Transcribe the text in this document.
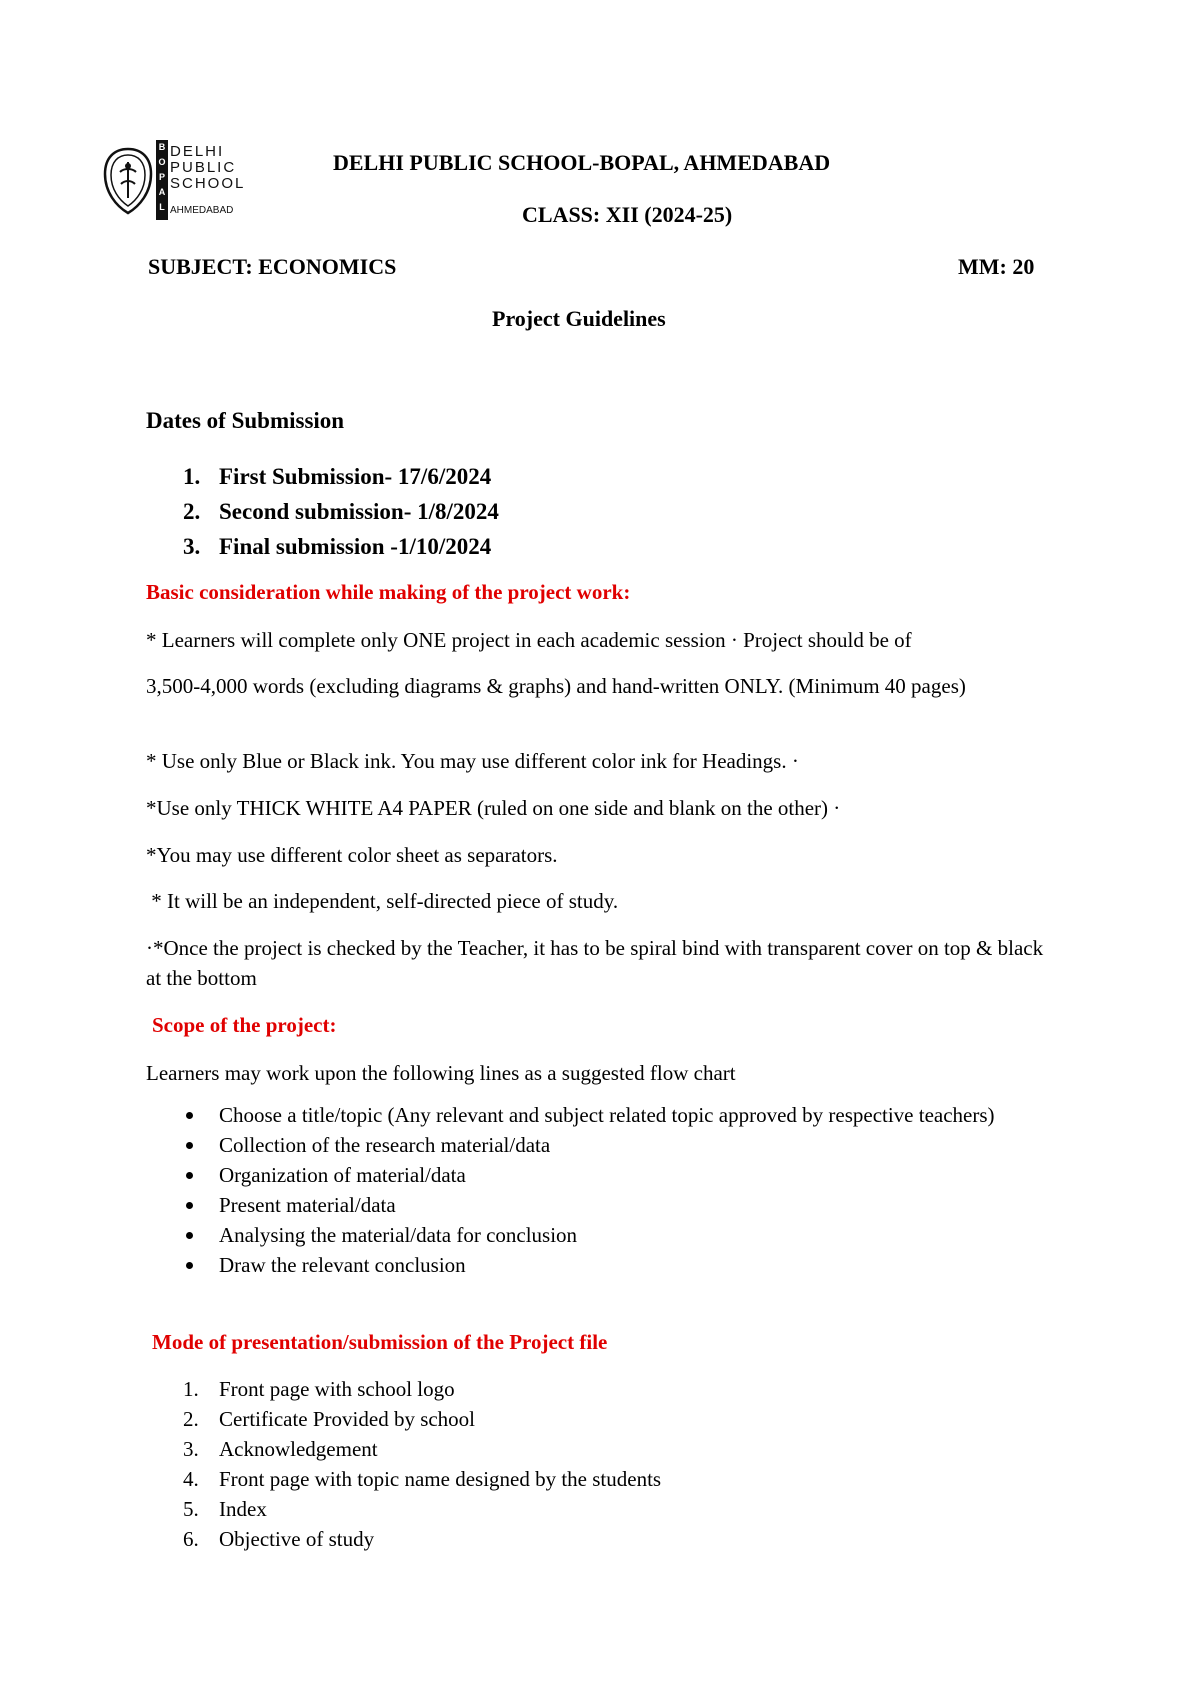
B
O
P
A
L
DELHI
PUBLIC
SCHOOL
AHMEDABAD
DELHI PUBLIC SCHOOL-BOPAL, AHMEDABAD
CLASS: XII (2024-25)
SUBJECT: ECONOMICS	MM: 20
Project Guidelines
Dates of Submission
1. First Submission- 17/6/2024
2. Second submission- 1/8/2024
3. Final submission -1/10/2024
Basic consideration while making of the project work:
* Learners will complete only ONE project in each academic session · Project should be of
3,500-4,000 words (excluding diagrams & graphs) and hand-written ONLY. (Minimum 40 pages)
* Use only Blue or Black ink. You may use different color ink for Headings. ·
*Use only THICK WHITE A4 PAPER (ruled on one side and blank on the other) ·
*You may use different color sheet as separators.
* It will be an independent, self-directed piece of study.
·*Once the project is checked by the Teacher, it has to be spiral bind with transparent cover on top & black at the bottom
Scope of the project:
Learners may work upon the following lines as a suggested flow chart
Choose a title/topic (Any relevant and subject related topic approved by respective teachers)
Collection of the research material/data
Organization of material/data
Present material/data
Analysing the material/data for conclusion
Draw the relevant conclusion
Mode of presentation/submission of the Project file
1. Front page with school logo
2. Certificate Provided by school
3. Acknowledgement
4. Front page with topic name designed by the students
5. Index
6. Objective of study
